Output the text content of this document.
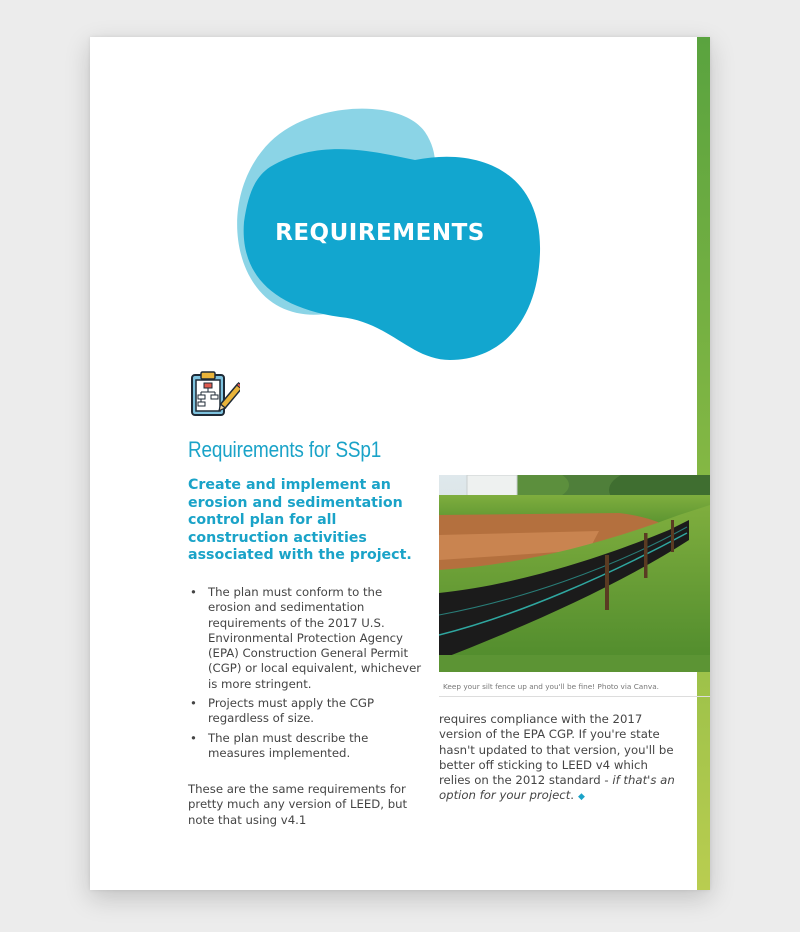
REQUIREMENTS
Requirements for SSp1
Create and implement an erosion and sedimentation control plan for all construction activities associated with the project.
• The plan must conform to the erosion and sedimentation requirements of the 2017 U.S. Environmental Protection Agency (EPA) Construction General Permit (CGP) or local equivalent, whichever is more stringent.
• Projects must apply the CGP regardless of size.
• The plan must describe the measures implemented.
These are the same requirements for pretty much any version of LEED, but note that using v4.1
Keep your silt fence up and you'll be fine! Photo via Canva.
requires compliance with the 2017 version of the EPA CGP. If you're state hasn't updated to that version, you'll be better off sticking to LEED v4 which relies on the 2012 standard - if that's an option for your project. ◆
